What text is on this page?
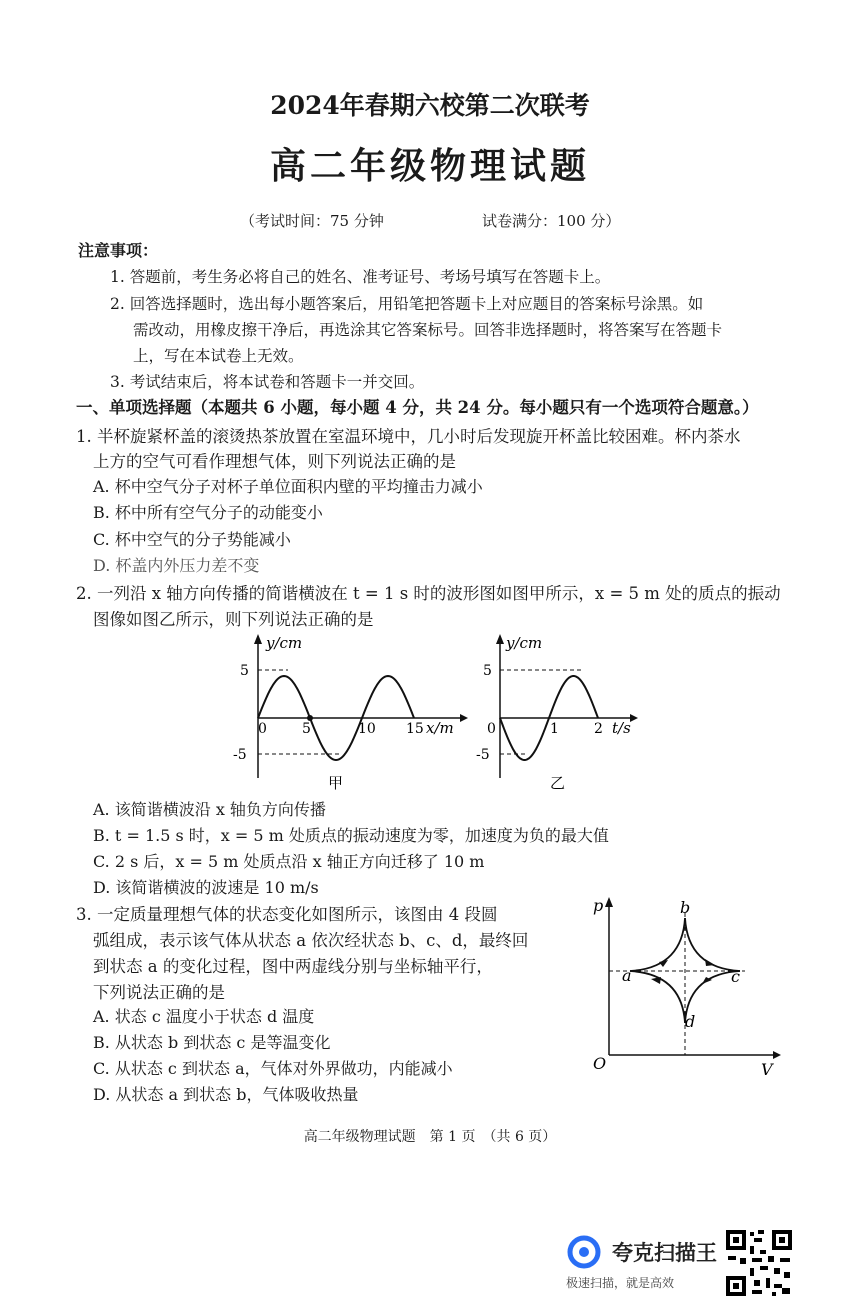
2024年春期六校第二次联考
高二年级物理试题
（考试时间：75 分钟	试卷满分：100 分）
注意事项：
1. 答题前，考生务必将自己的姓名、准考证号、考场号填写在答题卡上。
2. 回答选择题时，选出每小题答案后，用铅笔把答题卡上对应题目的答案标号涂黑。如
需改动，用橡皮擦干净后，再选涂其它答案标号。回答非选择题时，将答案写在答题卡
上，写在本试卷上无效。
3. 考试结束后，将本试卷和答题卡一并交回。
一、单项选择题（本题共 6 小题，每小题 4 分，共 24 分。每小题只有一个选项符合题意。）
1. 半杯旋紧杯盖的滚烫热茶放置在室温环境中，几小时后发现旋开杯盖比较困难。杯内茶水
上方的空气可看作理想气体，则下列说法正确的是
A. 杯中空气分子对杯子单位面积内壁的平均撞击力减小
B. 杯中所有空气分子的动能变小
C. 杯中空气的分子势能减小
D. 杯盖内外压力差不变
2. 一列沿 x 轴方向传播的简谐横波在 t = 1 s 时的波形图如图甲所示，x = 5 m 处的质点的振动
图像如图乙所示，则下列说法正确的是
y/cm
5
-5
0	5	10 15 x/m
甲
y/cm
5
-5
0	1	2 t/s
乙
A. 该简谐横波沿 x 轴负方向传播
B. t = 1.5 s 时，x = 5 m 处质点的振动速度为零，加速度为负的最大值
C. 2 s 后，x = 5 m 处质点沿 x 轴正方向迁移了 10 m
D. 该简谐横波的波速是 10 m/s
3. 一定质量理想气体的状态变化如图所示，该图由 4 段圆
弧组成，表示该气体从状态 a 依次经状态 b、c、d，最终回
到状态 a 的变化过程，图中两虚线分别与坐标轴平行，
下列说法正确的是
A. 状态 c 温度小于状态 d 温度
B. 从状态 b 到状态 c 是等温变化
C. 从状态 c 到状态 a，气体对外界做功，内能减小
D. 从状态 a 到状态 b，气体吸收热量
p
V
O
a
b
c
d
高二年级物理试题　第 1 页　（共 6 页）
夸克扫描王
极速扫描，就是高效
